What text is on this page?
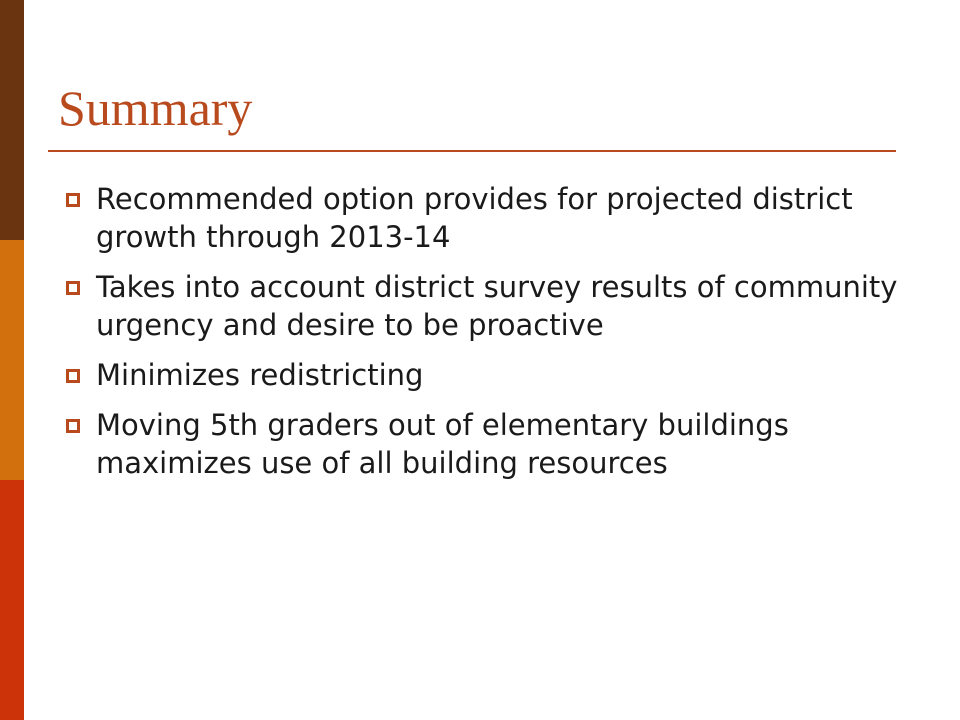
Summary
Recommended option provides for projected district growth through 2013-14
Takes into account district survey results of community urgency and desire to be proactive
Minimizes redistricting
Moving 5th graders out of elementary buildings maximizes use of all building resources
